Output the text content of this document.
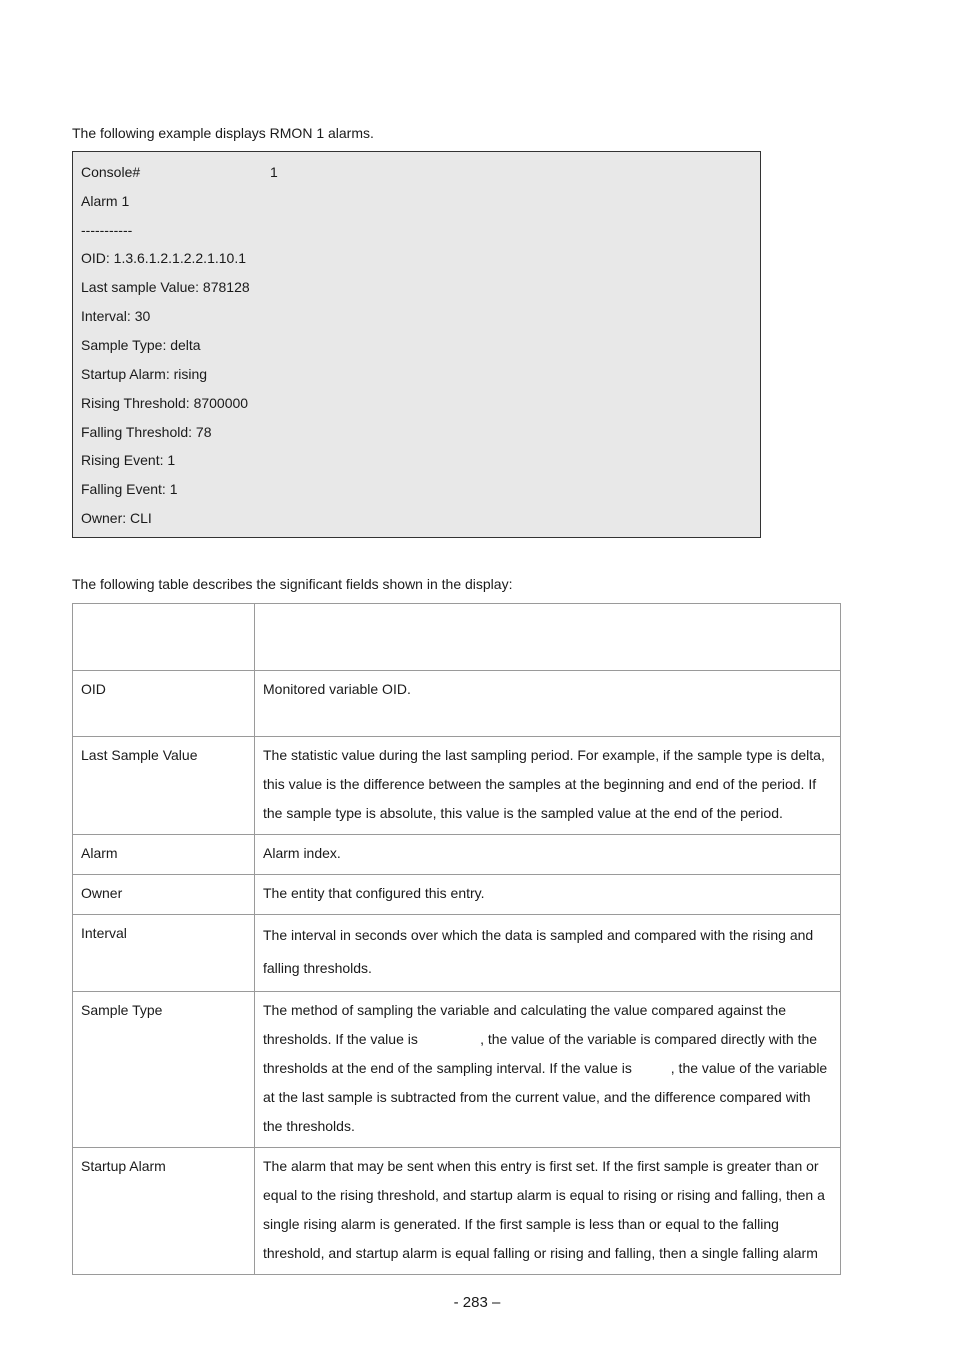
The following example displays RMON 1 alarms.
Console#	1
Alarm 1
-----------
OID: 1.3.6.1.2.1.2.2.1.10.1
Last sample Value: 878128
Interval: 30
Sample Type: delta
Startup Alarm: rising
Rising Threshold: 8700000
Falling Threshold: 78
Rising Event: 1
Falling Event: 1
Owner: CLI
The following table describes the significant fields shown in the display:

OID	Monitored variable OID.
Last Sample Value	The statistic value during the last sampling period. For example, if the sample type is delta, this value is the difference between the samples at the beginning and end of the period. If the sample type is absolute, this value is the sampled value at the end of the period.
Alarm	Alarm index.
Owner	The entity that configured this entry.
Interval	The interval in seconds over which the data is sampled and compared with the rising and falling thresholds.
Sample Type	The method of sampling the variable and calculating the value compared against the thresholds. If the value is                , the value of the variable is compared directly with the thresholds at the end of the sampling interval. If the value is          , the value of the variable at the last sample is subtracted from the current value, and the difference compared with the thresholds.
Startup Alarm	The alarm that may be sent when this entry is first set. If the first sample is greater than or equal to the rising threshold, and startup alarm is equal to rising or rising and falling, then a single rising alarm is generated. If the first sample is less than or equal to the falling threshold, and startup alarm is equal falling or rising and falling, then a single falling alarm
- 283 –
